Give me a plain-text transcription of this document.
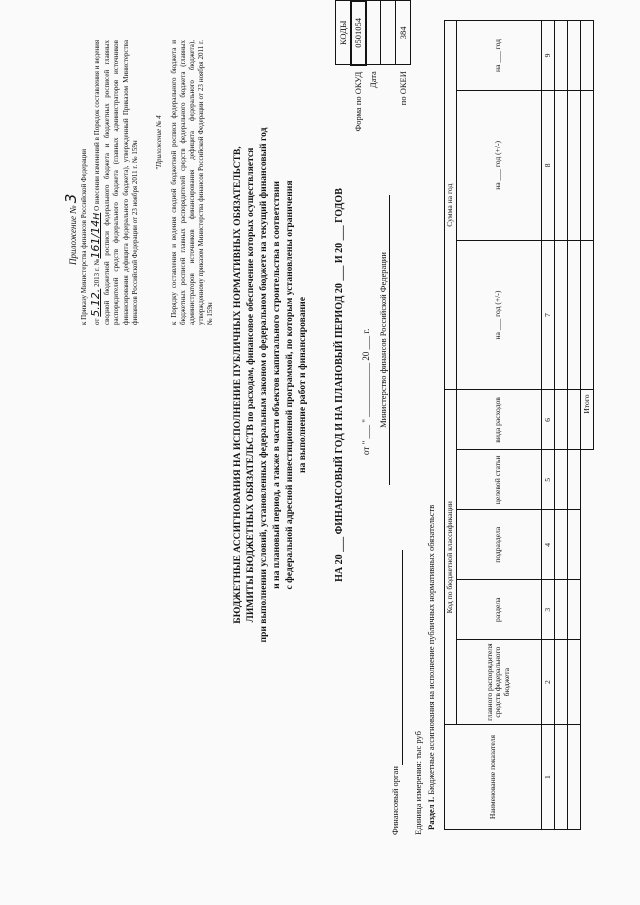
Приложение №3 к Приказу Министерства финансов Российской Федерации
от 5.12. 2013 г. №161/14н О внесении изменений в Порядок составления и ведения сводной бюджетной росписи федерального бюджета и бюджетных росписей главных распорядителей средств федерального бюджета (главных администраторов источников финансирования дефицита федерального бюджета), утвержденный Приказом Министерства финансов Российской Федерации от 23 ноября 2011 г. № 159н "Приложение № 4 к Порядку составления и ведения сводной бюджетной росписи федерального бюджета и бюджетных росписей главных распорядителей средств федерального бюджета (главных администраторов источников финансирования дефицита федерального бюджета), утвержденному приказом Министерства финансов Российской Федерации от 23 ноября 2011 г. № 159н БЮДЖЕТНЫЕ АССИГНОВАНИЯ НА ИСПОЛНЕНИЕ ПУБЛИЧНЫХ НОРМАТИВНЫХ ОБЯЗАТЕЛЬСТВ, ЛИМИТЫ БЮДЖЕТНЫХ ОБЯЗАТЕЛЬСТВ по расходам, финансовое обеспечение которых осуществляется при выполнении условий, установленных федеральным законом о федеральном бюджете на текущий финансовый год и на плановый период, а также в части объектов капитального строительства в соответствии с федеральной адресной инвестиционной программой, по которым установлены ограничения на выполнение работ и финансирование	НА 20 ___ ФИНАНСОВЫЙ ГОД И НА ПЛАНОВЫЙ ПЕРИОД 20 ___ И 20 ___ ГОДОВ от " ___ " ____________ 20 ___ г. Министерство финансов Российской Федерации
Финансовый орган Единица измерения: тыс руб
	КОДЫ
Форма по ОКУД	0501054
Дата	

по ОКЕИ	384
Раздел I. Бюджетные ассигнования на исполнение публичных нормативных обязательств	Наименование показателя	Код по бюджетной классификации					Сумма на год		
	главного распорядителя средств федерального бюджета	раздела	подраздела	целевой статьи	вида расходов	на ___ год (+/-)	на ___ год (+/-)	на ___ год
1	2	3	4	5	6	7	8	9

					Итого			
